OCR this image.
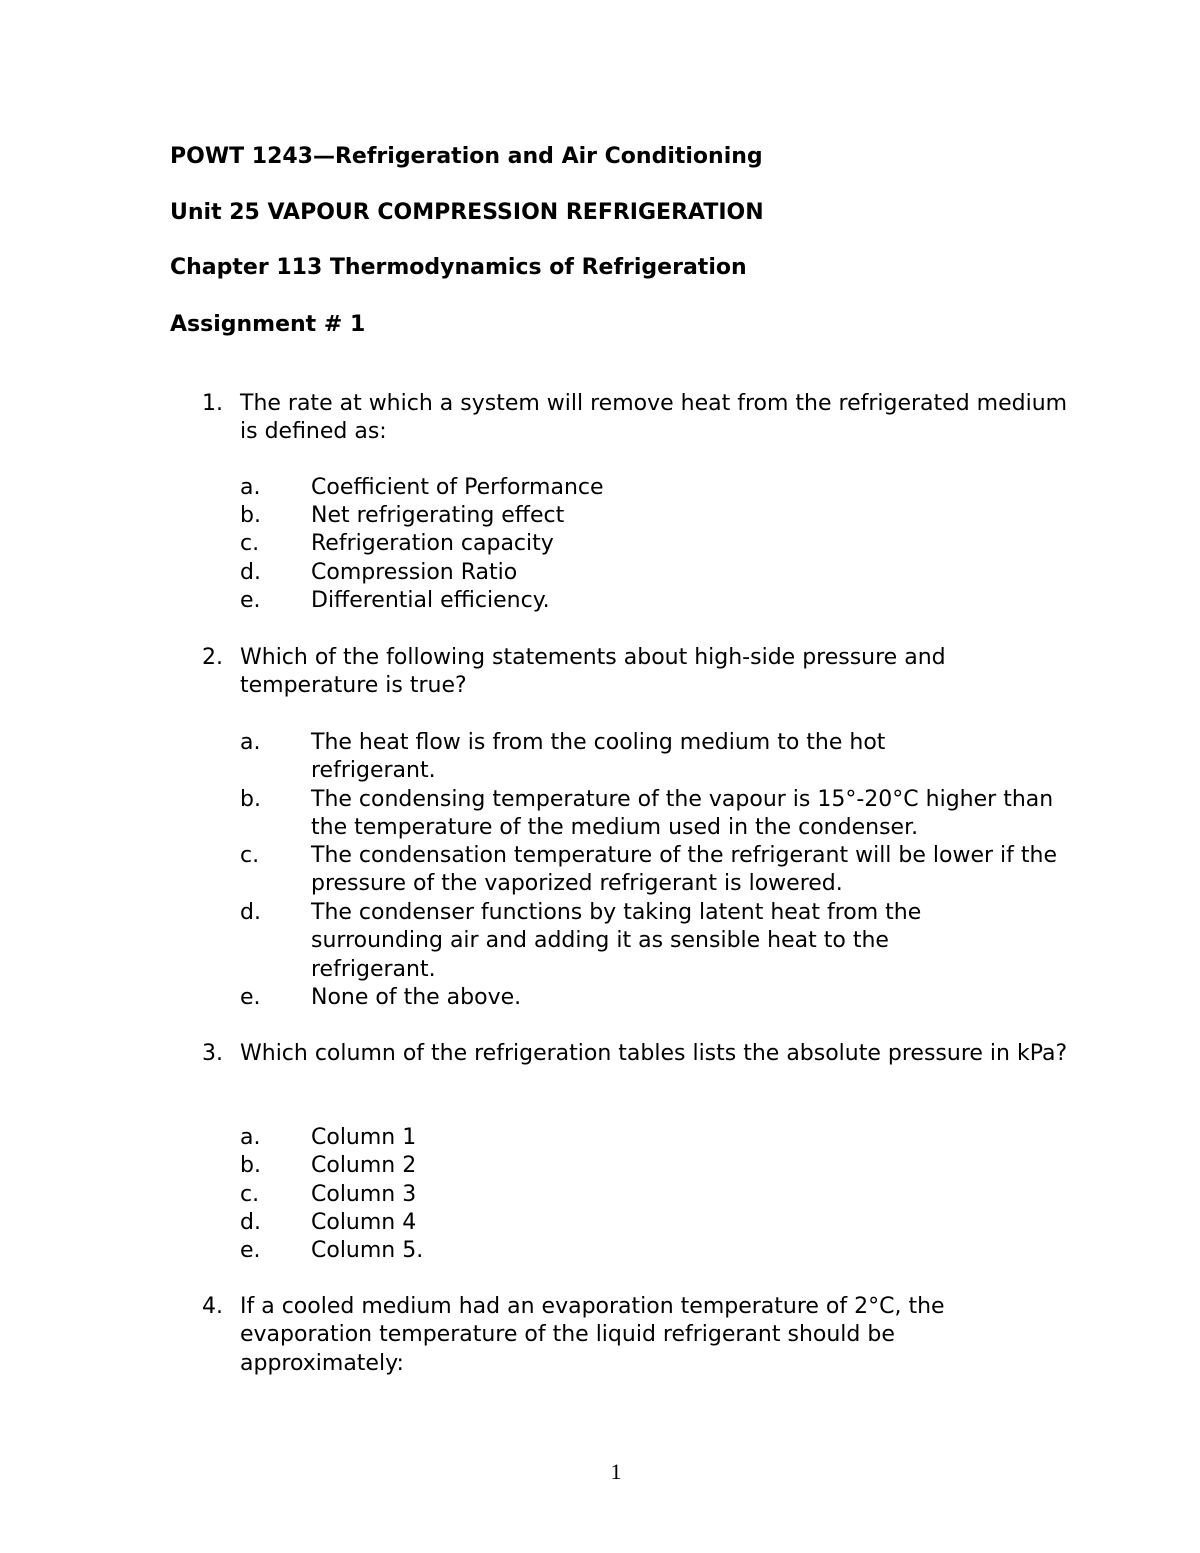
POWT 1243—Refrigeration and Air Conditioning
Unit 25 VAPOUR COMPRESSION REFRIGERATION
Chapter 113 Thermodynamics of Refrigeration
Assignment # 1
1. The rate at which a system will remove heat from the refrigerated medium is defined as:
a. Coefficient of Performance
b. Net refrigerating effect
c. Refrigeration capacity
d. Compression Ratio
e. Differential efficiency.
2. Which of the following statements about high-side pressure and temperature is true?
a. The heat flow is from the cooling medium to the hot refrigerant.
b. The condensing temperature of the vapour is 15°-20°C higher than the temperature of the medium used in the condenser.
c. The condensation temperature of the refrigerant will be lower if the pressure of the vaporized refrigerant is lowered.
d. The condenser functions by taking latent heat from the surrounding air and adding it as sensible heat to the refrigerant.
e. None of the above.
3. Which column of the refrigeration tables lists the absolute pressure in kPa?
a. Column 1
b. Column 2
c. Column 3
d. Column 4
e. Column 5.
4. If a cooled medium had an evaporation temperature of 2°C, the evaporation temperature of the liquid refrigerant should be approximately:
1
